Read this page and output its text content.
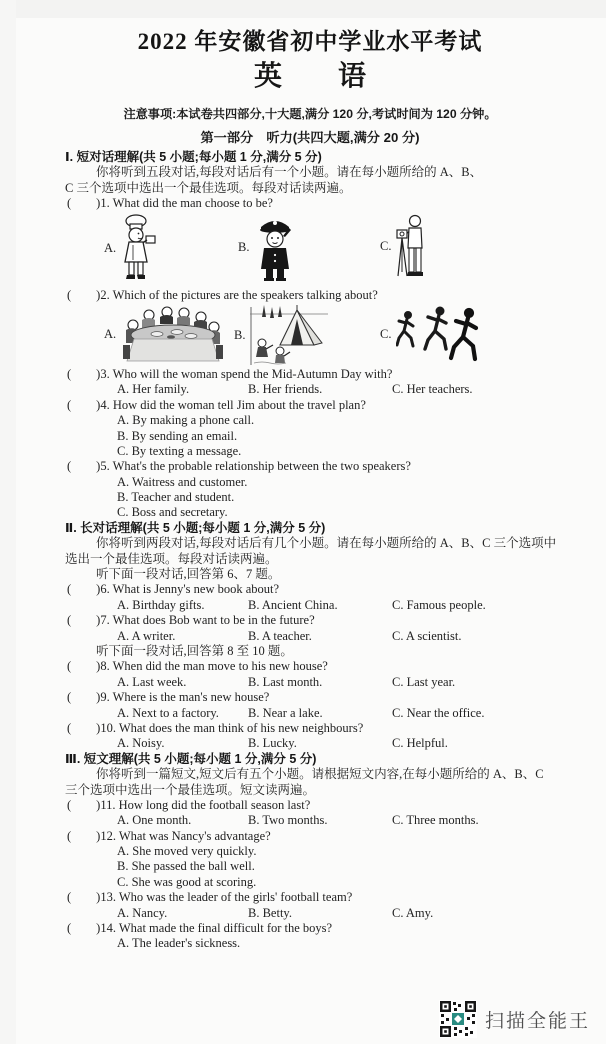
2022 年安徽省初中学业水平考试
英　　语
注意事项:本试卷共四部分,十大题,满分 120 分,考试时间为 120 分钟。
第一部分　听力(共四大题,满分 20 分)
Ⅰ. 短对话理解(共 5 小题;每小题 1 分,满分 5 分)
你将听到五段对话,每段对话后有一个小题。请在每小题所给的 A、B、
C 三个选项中选出一个最佳选项。每段对话读两遍。
(        )1. What did the man choose to be?
A.	B.	C.
(        )2. Which of the pictures are the speakers talking about?
A.	B.	C.
(        )3. Who will the woman spend the Mid-Autumn Day with?

A. Her family.

	B. Her friends.

	C. Her teachers.

(        )4. How did the woman tell Jim about the travel plan?
A. By making a phone call.
B. By sending an email.
C. By texting a message.
(        )5. What's the probable relationship between the two speakers?
A. Waitress and customer.
B. Teacher and student.
C. Boss and secretary.
Ⅱ. 长对话理解(共 5 小题;每小题 1 分,满分 5 分)
你将听到两段对话,每段对话后有几个小题。请在每小题所给的 A、B、C 三个选项中
选出一个最佳选项。每段对话读两遍。
听下面一段对话,回答第 6、7 题。
(        )6. What is Jenny's new book about?

A. Birthday gifts.

	B. Ancient China.

	C. Famous people.

(        )7. What does Bob want to be in the future?

A. A writer.

	B. A teacher.

	C. A scientist.

听下面一段对话,回答第 8 至 10 题。
(        )8. When did the man move to his new house?

A. Last week.

	B. Last month.

	C. Last year.

(        )9. Where is the man's new house?

A. Next to a factory.

B. Near a lake.

	C. Near the office.

(        )10. What does the man think of his new neighbours?

A. Noisy.

	B. Lucky.

	C. Helpful.

Ⅲ. 短文理解(共 5 小题;每小题 1 分,满分 5 分)
你将听到一篇短文,短文后有五个小题。请根据短文内容,在每小题所给的 A、B、C
三个选项中选出一个最佳选项。短文读两遍。
(        )11. How long did the football season last?

A. One month.

	B. Two months.

	C. Three months.

(        )12. What was Nancy's advantage?
A. She moved very quickly.
B. She passed the ball well.
C. She was good at scoring.
(        )13. Who was the leader of the girls' football team?

A. Nancy.

	B. Betty.

	C. Amy.

(        )14. What made the final difficult for the boys?
A. The leader's sickness.
扫描全能王
